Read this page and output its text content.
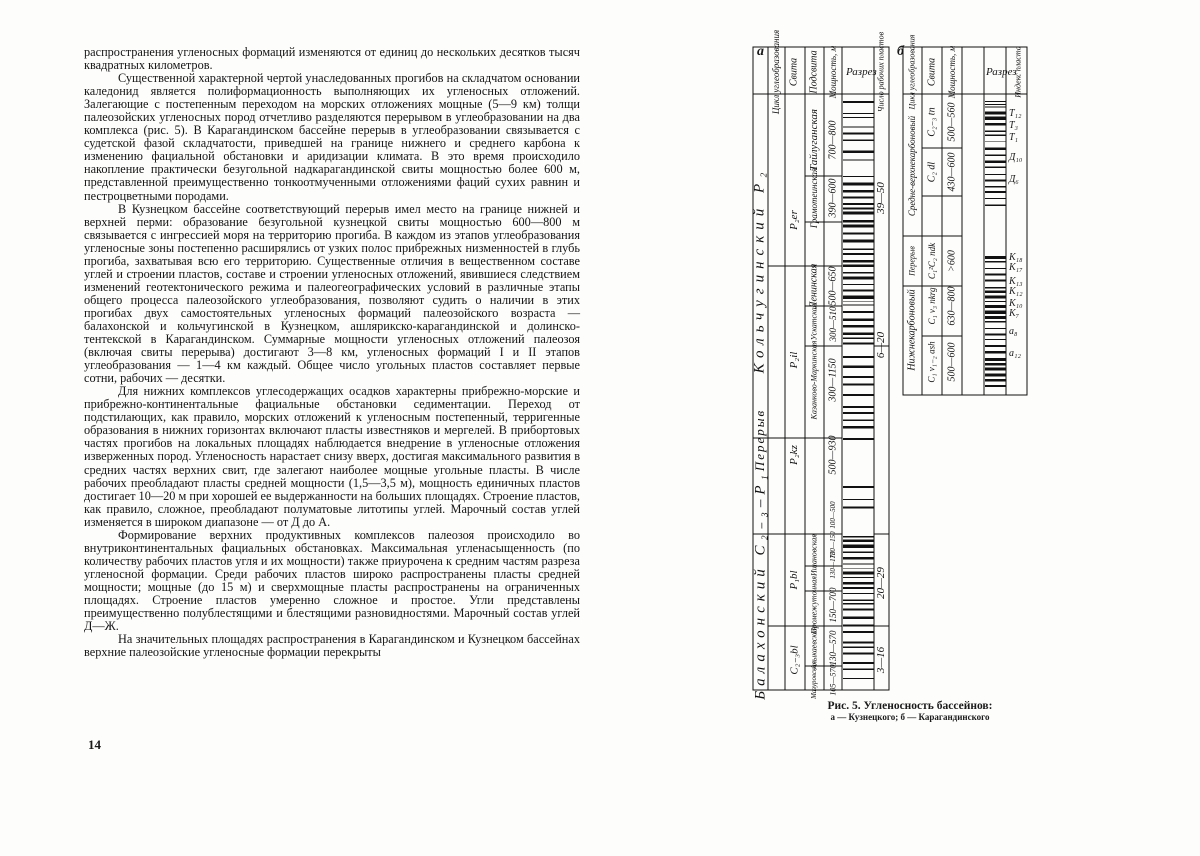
распространения угленосных формаций изменяются от единиц до нескольких десятков тысяч квадратных километров.

Существенной характерной чертой унаследованных прогибов на складчатом основании каледонид является полиформационность выполняющих их угленосных отложений. Залегающие с постепенным переходом на морских отложениях мощные (5—9 км) толщи палеозойских угленосных пород отчетливо разделяются перерывом в углеобразовании на два комплекса (рис. 5). В Карагандинском бассейне перерыв в углеобразовании связывается с судетской фазой складчатости, приведшей на границе нижнего и среднего карбона к изменению фациальной обстановки и аридизации климата. В это время происходило накопление практически безугольной надкарагандинской свиты мощностью более 600 м, представленной преимущественно тонкоотмученными отложениями фаций сухих равнин и пестроцветными породами.

В Кузнецком бассейне соответствующий перерыв имел место на границе нижней и верхней перми: образование безугольной кузнецкой свиты мощностью 600—800 м связывается с ингрессией моря на территорию прогиба. В каждом из этапов углеобразования угленосные зоны постепенно расширялись от узких полос прибрежных низменностей в глубь прогиба, захватывая всю его территорию. Существенные отличия в вещественном составе углей и строении пластов, составе и строении угленосных отложений, явившиеся следствием изменений геотектонического режима и палеогеографических условий в различные этапы общего процесса палеозойского углеобразования, позволяют судить о наличии в этих прогибах двух самостоятельных угленосных формаций палеозойского возраста — балахонской и кольчугинской в Кузнецком, ашлярикско-карагандинской и долинско-тентекской в Карагандинском. Суммарные мощности угленосных отложений палеозоя (включая свиты перерыва) достигают 3—8 км, угленосных формаций I и II этапов углеобразования — 1—4 км каждый. Общее число угольных пластов составляет первые сотни, рабочих — десятки.

Для нижних комплексов углесодержащих осадков характерны прибрежно-морские и прибрежно-континентальные фациальные обстановки седиментации. Переход от подстилающих, как правило, морских отложений к угленосным постепенный, терригенные образования в нижних горизонтах включают пласты известняков и мергелей. В прибортовых частях прогибов на локальных площадях наблюдается внедрение в угленосные отложения изверженных пород. Угленосность нарастает снизу вверх, достигая максимального развития в средних частях верхних свит, где залегают наиболее мощные угольные пласты. В числе рабочих преобладают пласты средней мощности (1,5—3,5 м), мощность единичных пластов достигает 10—20 м при хорошей ее выдержанности на больших площадях. Строение пластов, как правило, сложное, преобладают полуматовые литотипы углей. Марочный состав углей изменяется в широком диапазоне — от Д до А.

Формирование верхних продуктивных комплексов палеозоя происходило во внутриконтинентальных фациальных обстановках. Максимальная угленасыщенность (по количеству рабочих пластов угля и их мощности) также приурочена к средним частям разреза угленосной формации. Среди рабочих пластов широко распространены пласты средней мощности; мощные (до 15 м) и сверхмощные пласты распространены на ограниченных площадях. Строение пластов умеренно сложное и простое. Угли представлены преимущественно полублестящими и блестящими разновидностями. Марочный состав углей Д—Ж.

На значительных площадях распространения в Карагандинском и Кузнецком бассейнах верхние палеозойские угленосные формации перекрыты

14
а	б
Кольчугинский P₂
Перерыв
Балахонский C₂₋₃–P₁
Цикл углеобразования Свита Подсвита Мощность, м Разрез Число рабочих пластов
P₂er
P₂il
P₂kz
P₁bl
C₂₋₃bl
Тайлуганская
Грамотеинская
Ленинская
Казанково-Маркинская
Ускатская
Ишановская
Промежуточная
Алыкаевская
Мазуровская
700—800
390—600
500—650
300—510
300—1150
500—930
100—500
130—150
130—170
150—700
130—570
105—570
39—50
6—20
20—29
3—16
Цикл углеобразования Свита Мощность, м	Разрез
Индекс пласта
Средне-верхнекарбоновый
Перерыв
Нижнекарбоновый
C₂₋₃ tn
C₂ dl
C₁²C₂ ndk
C₁ v₃ nkrg
C₁ v₁₋₂ ash
500—560
430—600
>600
630—800
500—600
T₁₂
T₃
T₁
Д₁₀
Д₆
K₁₈
K₁₇
K₁₃
K₁₂
K₁₀
K₇
a₈
a₁₂
Рис. 5. Угленосность бассейнов:
а — Кузнецкого; б — Карагандинского
